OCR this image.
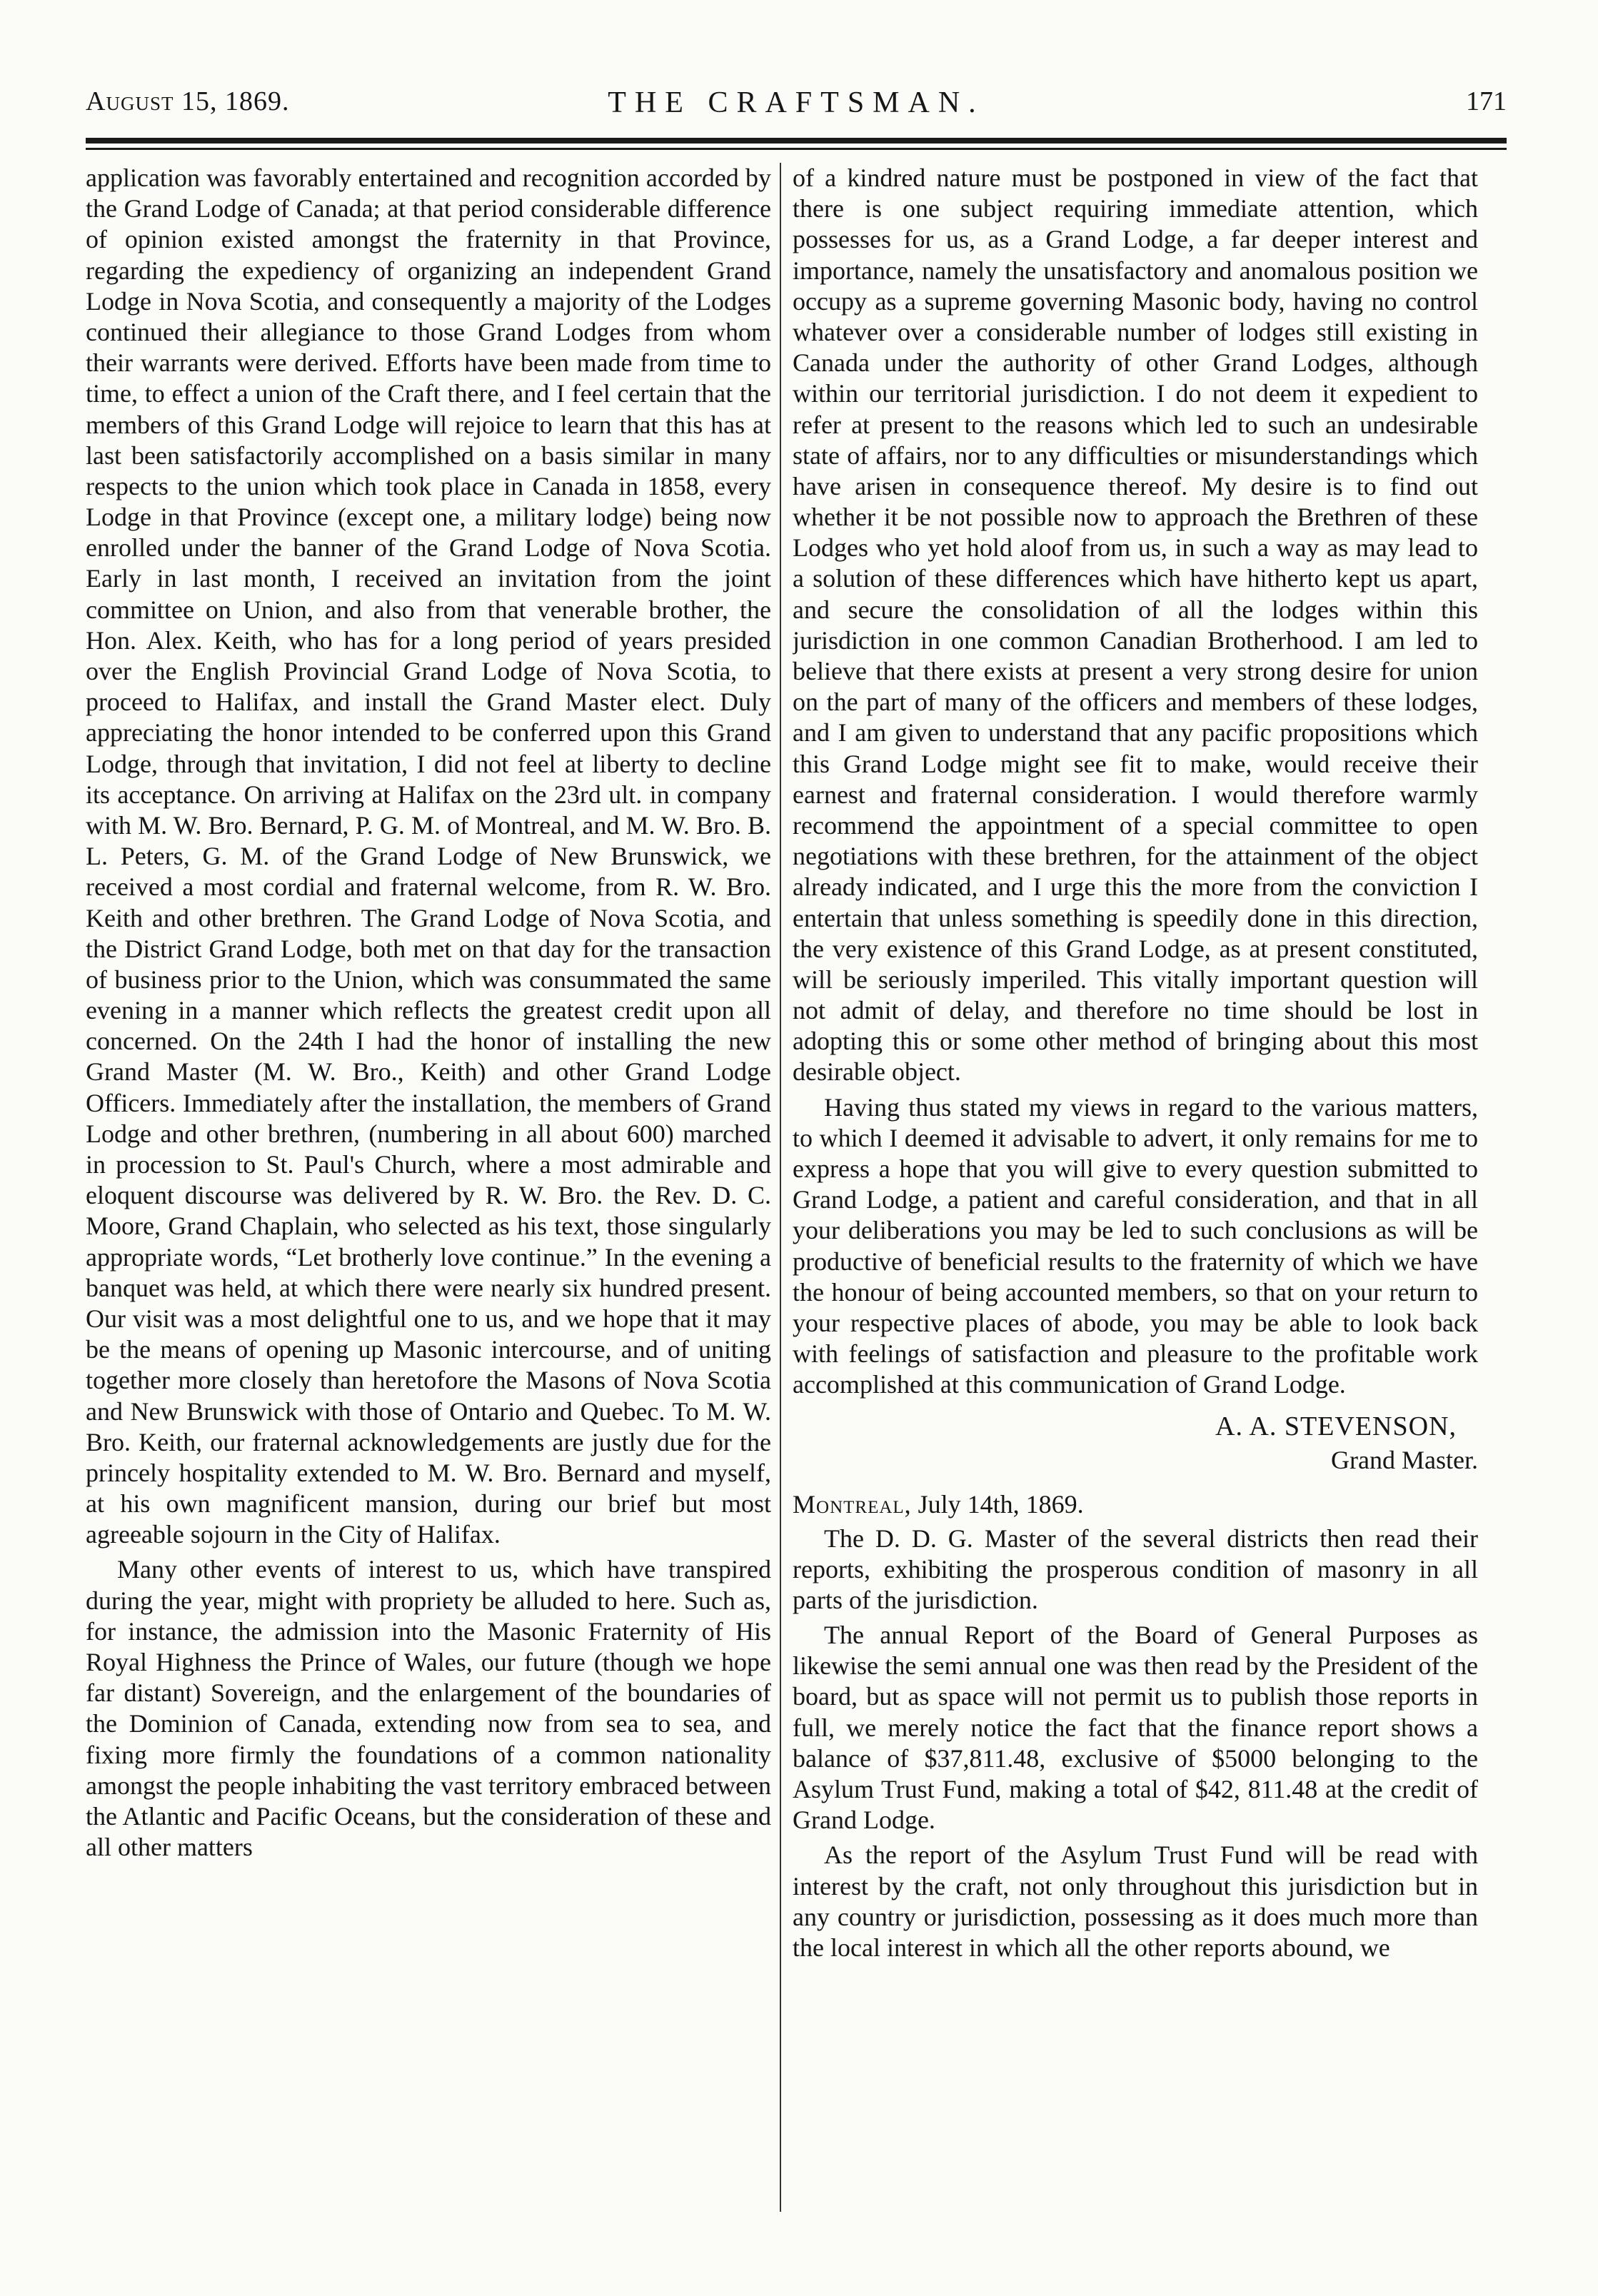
August 15, 1869.	THE CRAFTSMAN.	171

application was favorably entertained and recognition accorded by the Grand Lodge of Canada; at that period considerable difference of opinion existed amongst the fraternity in that Province, regarding the expediency of organizing an independent Grand Lodge in Nova Scotia, and consequently a majority of the Lodges continued their allegiance to those Grand Lodges from whom their warrants were derived. Efforts have been made from time to time, to effect a union of the Craft there, and I feel certain that the members of this Grand Lodge will rejoice to learn that this has at last been satisfactorily accomplished on a basis similar in many respects to the union which took place in Canada in 1858, every Lodge in that Province (except one, a military lodge) being now enrolled under the banner of the Grand Lodge of Nova Scotia. Early in last month, I received an invitation from the joint committee on Union, and also from that venerable brother, the Hon. Alex. Keith, who has for a long period of years presided over the English Provincial Grand Lodge of Nova Scotia, to proceed to Halifax, and install the Grand Master elect. Duly appreciating the honor intended to be conferred upon this Grand Lodge, through that invitation, I did not feel at liberty to decline its acceptance. On arriving at Halifax on the 23rd ult. in company with M. W. Bro. Bernard, P. G. M. of Montreal, and M. W. Bro. B. L. Peters, G. M. of the Grand Lodge of New Brunswick, we received a most cordial and fraternal welcome, from R. W. Bro. Keith and other brethren. The Grand Lodge of Nova Scotia, and the District Grand Lodge, both met on that day for the transaction of business prior to the Union, which was consummated the same evening in a manner which reflects the greatest credit upon all concerned. On the 24th I had the honor of installing the new Grand Master (M. W. Bro., Keith) and other Grand Lodge Officers. Immediately after the installation, the members of Grand Lodge and other brethren, (numbering in all about 600) marched in procession to St. Paul's Church, where a most admirable and eloquent discourse was delivered by R. W. Bro. the Rev. D. C. Moore, Grand Chaplain, who selected as his text, those singularly appropriate words, “Let brotherly love continue.” In the evening a banquet was held, at which there were nearly six hundred present. Our visit was a most delightful one to us, and we hope that it may be the means of opening up Masonic intercourse, and of uniting together more closely than heretofore the Masons of Nova Scotia and New Brunswick with those of Ontario and Quebec. To M. W. Bro. Keith, our fraternal acknowledgements are justly due for the princely hospitality extended to M. W. Bro. Bernard and myself, at his own magnificent mansion, during our brief but most agreeable sojourn in the City of Halifax.

Many other events of interest to us, which have transpired during the year, might with propriety be alluded to here. Such as, for instance, the admission into the Masonic Fraternity of His Royal Highness the Prince of Wales, our future (though we hope far distant) Sovereign, and the enlargement of the boundaries of the Dominion of Canada, extending now from sea to sea, and fixing more firmly the foundations of a common nationality amongst the people inhabiting the vast territory embraced between the Atlantic and Pacific Oceans, but the consideration of these and all other matters

of a kindred nature must be postponed in view of the fact that there is one subject requiring immediate attention, which possesses for us, as a Grand Lodge, a far deeper interest and importance, namely the unsatisfactory and anomalous position we occupy as a supreme governing Masonic body, having no control whatever over a considerable number of lodges still existing in Canada under the authority of other Grand Lodges, although within our territorial jurisdiction. I do not deem it expedient to refer at present to the reasons which led to such an undesirable state of affairs, nor to any difficulties or misunderstandings which have arisen in consequence thereof. My desire is to find out whether it be not possible now to approach the Brethren of these Lodges who yet hold aloof from us, in such a way as may lead to a solution of these differences which have hitherto kept us apart, and secure the consolidation of all the lodges within this jurisdiction in one common Canadian Brotherhood. I am led to believe that there exists at present a very strong desire for union on the part of many of the officers and members of these lodges, and I am given to understand that any pacific propositions which this Grand Lodge might see fit to make, would receive their earnest and fraternal consideration. I would therefore warmly recommend the appointment of a special committee to open negotiations with these brethren, for the attainment of the object already indicated, and I urge this the more from the conviction I entertain that unless something is speedily done in this direction, the very existence of this Grand Lodge, as at present constituted, will be seriously imperiled. This vitally important question will not admit of delay, and therefore no time should be lost in adopting this or some other method of bringing about this most desirable object.

Having thus stated my views in regard to the various matters, to which I deemed it advisable to advert, it only remains for me to express a hope that you will give to every question submitted to Grand Lodge, a patient and careful consideration, and that in all your deliberations you may be led to such conclusions as will be productive of beneficial results to the fraternity of which we have the honour of being accounted members, so that on your return to your respective places of abode, you may be able to look back with feelings of satisfaction and pleasure to the profitable work accomplished at this communication of Grand Lodge.

A. A. STEVENSON,
Grand Master.
Montreal, July 14th, 1869.

The D. D. G. Master of the several districts then read their reports, exhibiting the prosperous condition of masonry in all parts of the jurisdiction.

The annual Report of the Board of General Purposes as likewise the semi annual one was then read by the President of the board, but as space will not permit us to publish those reports in full, we merely notice the fact that the finance report shows a balance of $37,811.48, exclusive of $5000 belonging to the Asylum Trust Fund, making a total of $42, 811.48 at the credit of Grand Lodge.

As the report of the Asylum Trust Fund will be read with interest by the craft, not only throughout this jurisdiction but in any country or jurisdiction, possessing as it does much more than the local interest in which all the other reports abound, we
